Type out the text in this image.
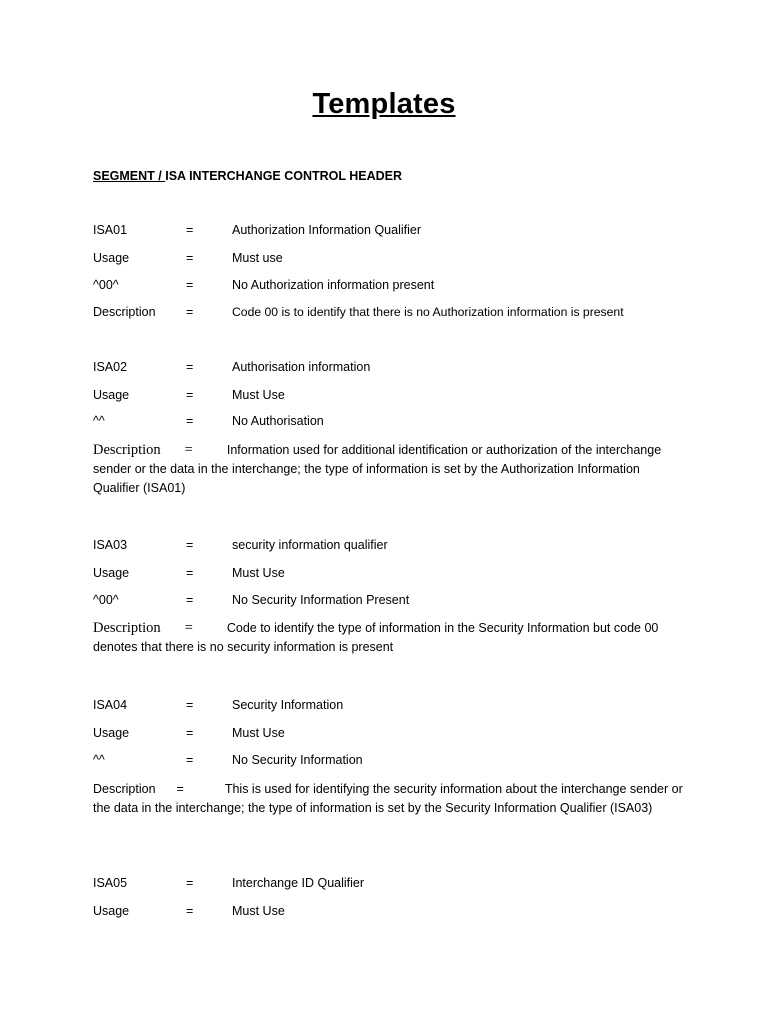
Templates
SEGMENT / ISA INTERCHANGE CONTROL HEADER
ISA01	=	Authorization Information Qualifier
Usage	=	Must use
^00^	=	No Authorization information present
Description =	Code 00 is to identify that there is no Authorization information is present
ISA02	=	Authorisation information
Usage	=	Must Use
^^	=	No Authorisation
Description =	Information used for additional identification or authorization of the interchange sender or the data in the interchange; the type of information is set by the Authorization Information Qualifier (ISA01)
ISA03	=	security information qualifier
Usage	=	Must Use
^00^	=	No Security Information Present
Description =	Code to identify the type of information in the Security Information but code 00 denotes that there is no security information is present
ISA04	=	Security Information
Usage	=	Must Use
^^	=	No Security Information
Description =	This is used for identifying the security information about the interchange sender or the data in the interchange; the type of information is set by the Security Information Qualifier (ISA03)
ISA05	=	Interchange ID Qualifier
Usage	=	Must Use
